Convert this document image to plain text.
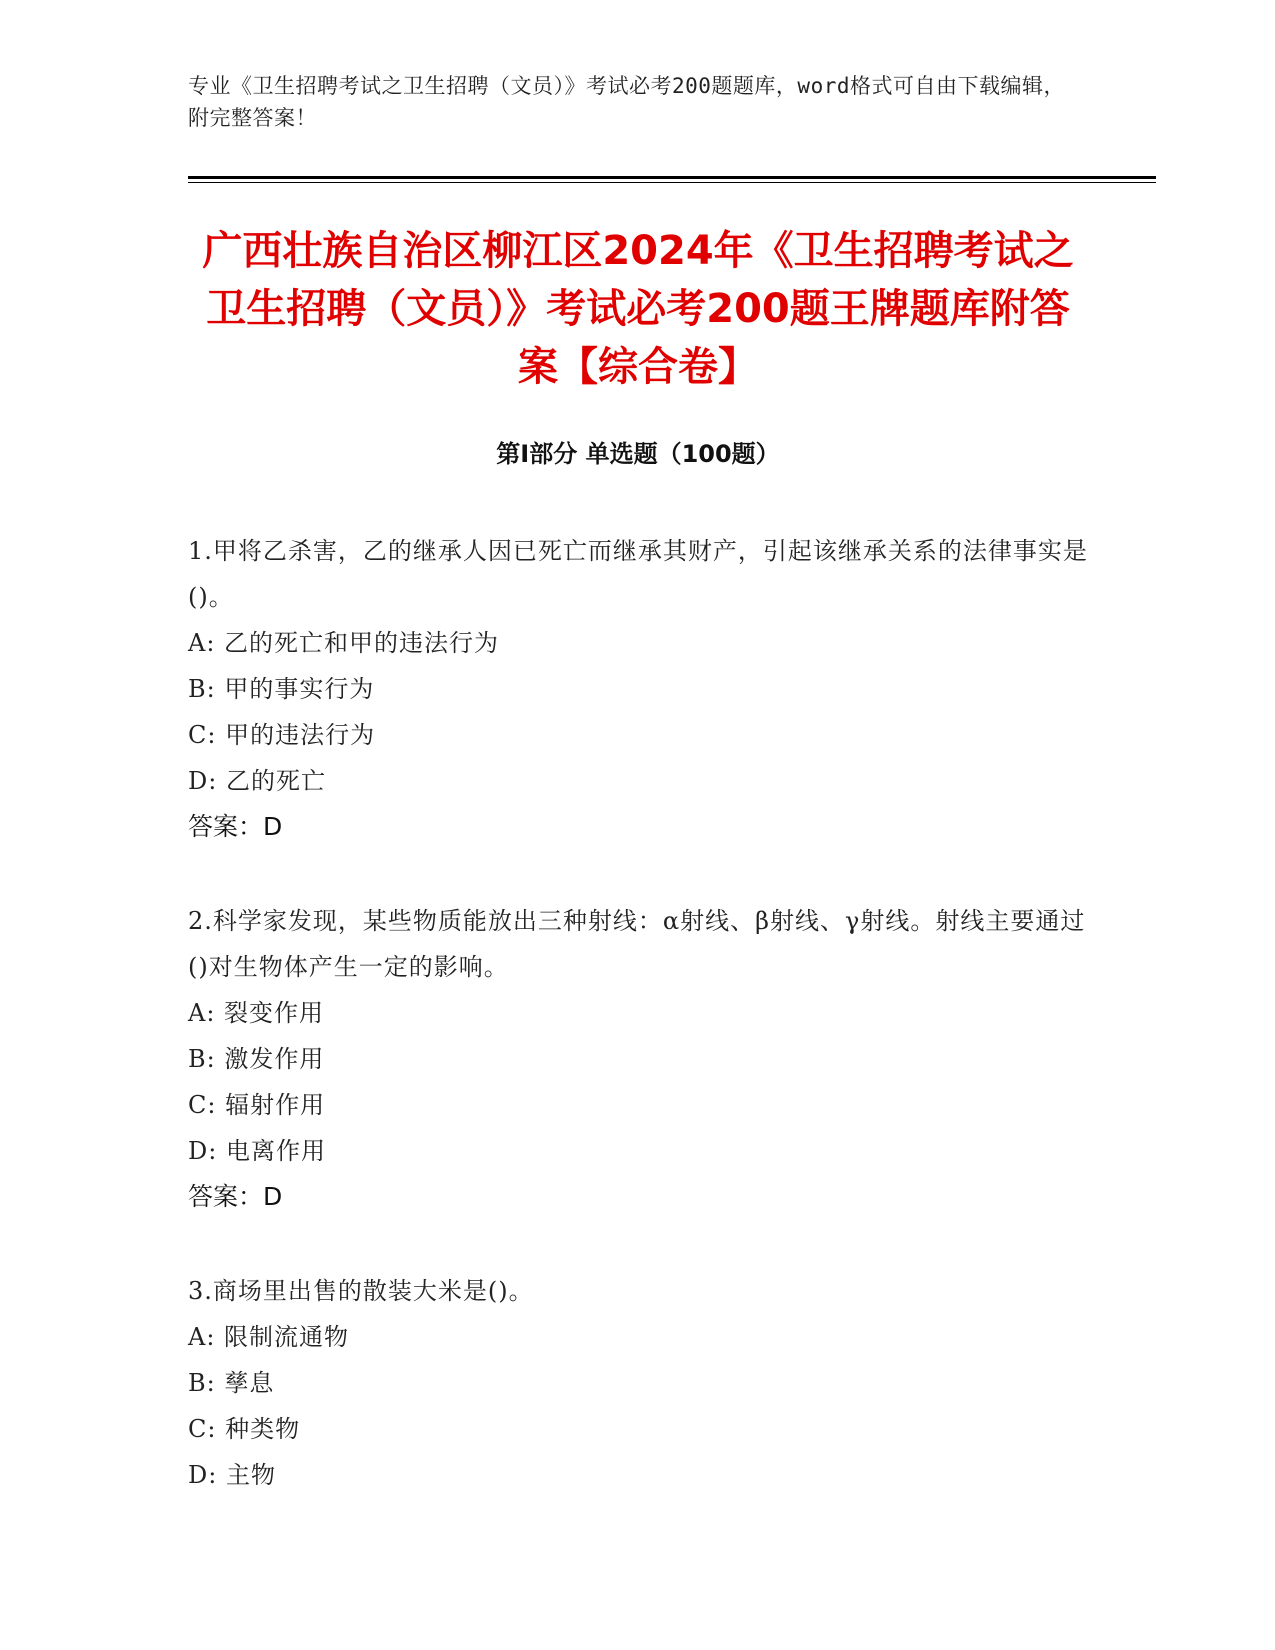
专业《卫生招聘考试之卫生招聘（文员）》考试必考200题题库，word格式可自由下载编辑，附完整答案！
广西壮族自治区柳江区2024年《卫生招聘考试之卫生招聘（文员）》考试必考200题王牌题库附答案【综合卷】
第Ⅰ部分 单选题（100题）
1.甲将乙杀害，乙的继承人因已死亡而继承其财产，引起该继承关系的法律事实是()。
A: 乙的死亡和甲的违法行为
B: 甲的事实行为
C: 甲的违法行为
D: 乙的死亡
答案：D
2.科学家发现，某些物质能放出三种射线：α射线、β射线、γ射线。射线主要通过()对生物体产生一定的影响。
A: 裂变作用
B: 激发作用
C: 辐射作用
D: 电离作用
答案：D
3.商场里出售的散装大米是()。
A: 限制流通物
B: 孳息
C: 种类物
D: 主物
